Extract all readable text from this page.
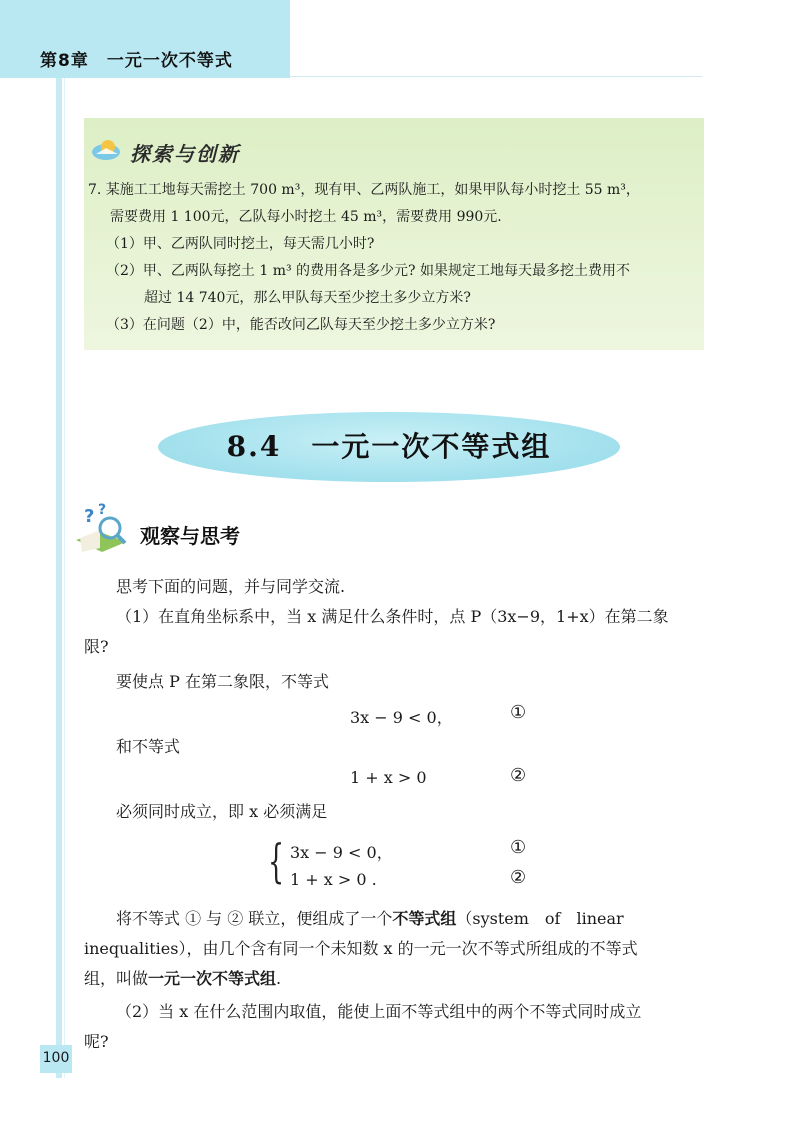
第8章　一元一次不等式
探索与创新
7. 某施工工地每天需挖土 700 m³，现有甲、乙两队施工，如果甲队每小时挖土 55 m³，
需要费用 1 100元，乙队每小时挖土 45 m³，需要费用 990元.
（1）甲、乙两队同时挖土，每天需几小时?
（2）甲、乙两队每挖土 1 m³ 的费用各是多少元? 如果规定工地每天最多挖土费用不
超过 14 740元，那么甲队每天至少挖土多少立方米?
（3）在问题（2）中，能否改问乙队每天至少挖土多少立方米?
8.4　一元一次不等式组
? ?
观察与思考
思考下面的问题，并与同学交流.
（1）在直角坐标系中，当 x 满足什么条件时，点 P（3x−9，1+x）在第二象
限?
要使点 P 在第二象限，不等式
3x − 9 < 0，	①
和不等式
1 + x > 0	②
必须同时成立，即 x 必须满足
{ 3x − 9 < 0，	①
1 + x > 0 .	②
将不等式 ① 与 ② 联立，便组成了一个不等式组（system　of　linear
inequalities），由几个含有同一个未知数 x 的一元一次不等式所组成的不等式
组，叫做一元一次不等式组.
（2）当 x 在什么范围内取值，能使上面不等式组中的两个不等式同时成立
呢?
100
